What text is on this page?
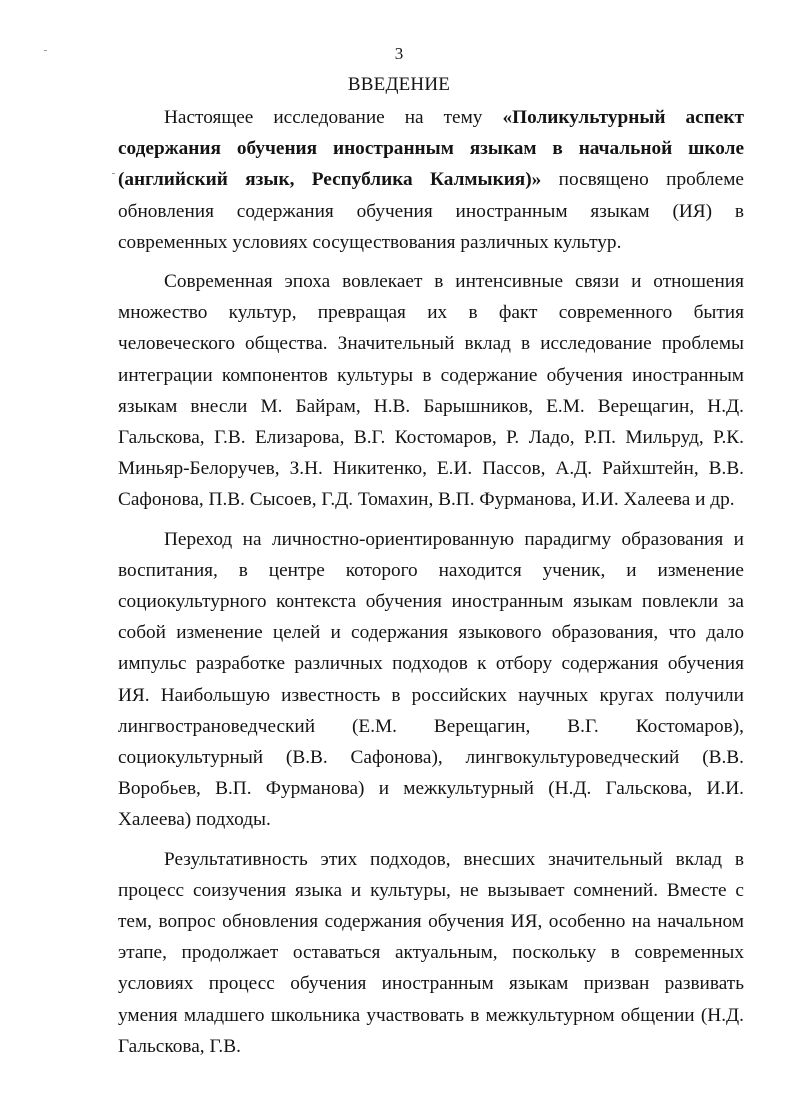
3
ВВЕДЕНИЕ

Настоящее исследование на тему «Поликультурный аспект содержания обучения иностранным языкам в начальной школе (английский язык, Республика Калмыкия)» посвящено проблеме обновления содержания обучения иностранным языкам (ИЯ) в современных условиях сосуществования различных культур.

Современная эпоха вовлекает в интенсивные связи и отношения множество культур, превращая их в факт современного бытия человеческого общества. Значительный вклад в исследование проблемы интеграции компонентов культуры в содержание обучения иностранным языкам внесли М. Байрам, Н.В. Барышников, Е.М. Верещагин, Н.Д. Гальскова, Г.В. Елизарова, В.Г. Костомаров, Р. Ладо, Р.П. Мильруд, Р.К. Миньяр-Белоручев, З.Н. Никитенко, Е.И. Пассов, А.Д. Райхштейн, В.В. Сафонова, П.В. Сысоев, Г.Д. Томахин, В.П. Фурманова, И.И. Халеева и др.

Переход на личностно-ориентированную парадигму образования и воспитания, в центре которого находится ученик, и изменение социокультурного контекста обучения иностранным языкам повлекли за собой изменение целей и содержания языкового образования, что дало импульс разработке различных подходов к отбору содержания обучения ИЯ. Наибольшую известность в российских научных кругах получили лингвострановедческий (Е.М. Верещагин, В.Г. Костомаров), социокультурный (В.В. Сафонова), лингвокультуроведческий (В.В. Воробьев, В.П. Фурманова) и межкультурный (Н.Д. Гальскова, И.И. Халеева) подходы.

Результативность этих подходов, внесших значительный вклад в процесс соизучения языка и культуры, не вызывает сомнений. Вместе с тем, вопрос обновления содержания обучения ИЯ, особенно на начальном этапе, продолжает оставаться актуальным, поскольку в современных условиях процесс обучения иностранным языкам призван развивать умения младшего школьника участвовать в межкультурном общении (Н.Д. Гальскова, Г.В.
